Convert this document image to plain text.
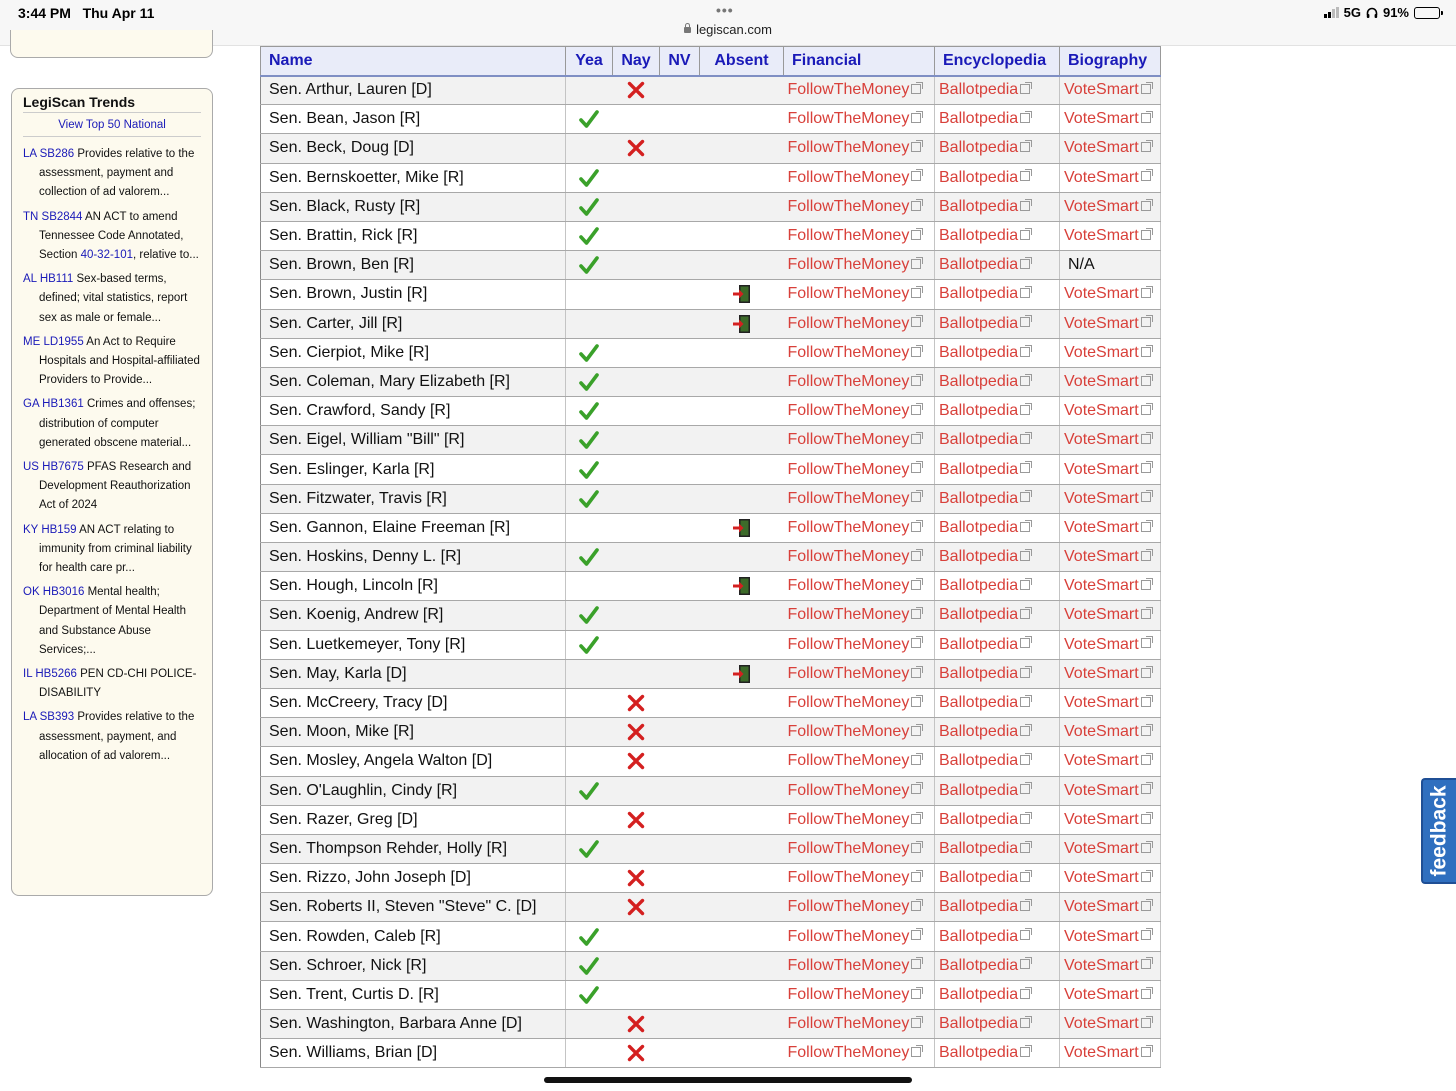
3:44 PM   Thu Apr 11	•••
legiscan.com
5G 91%
LegiScan Trends
View Top 50 National
LA SB286 Provides relative to the assessment, payment and collection of ad valorem...
TN SB2844 AN ACT to amend Tennessee Code Annotated, Section 40-32-101, relative to...
AL HB111 Sex-based terms, defined; vital statistics, report sex as male or female...
ME LD1955 An Act to Require Hospitals and Hospital-affiliated Providers to Provide...
GA HB1361 Crimes and offenses; distribution of computer generated obscene material...
US HB7675 PFAS Research and Development Reauthorization Act of 2024
KY HB159 AN ACT relating to immunity from criminal liability for health care pr...
OK HB3016 Mental health; Department of Mental Health and Substance Abuse Services;...
IL HB5266 PEN CD-CHI POLICE-DISABILITY
LA SB393 Provides relative to the assessment, payment, and allocation of ad valorem...
Name	Yea	Nay	NV	Absent	Financial	Encyclopedia	Biography
Sen. Arthur, Lauren [D]					FollowTheMoney	Ballotpedia	VoteSmart
Sen. Bean, Jason [R]					FollowTheMoney	Ballotpedia	VoteSmart
Sen. Beck, Doug [D]					FollowTheMoney	Ballotpedia	VoteSmart
Sen. Bernskoetter, Mike [R]					FollowTheMoney	Ballotpedia	VoteSmart
Sen. Black, Rusty [R]					FollowTheMoney	Ballotpedia	VoteSmart
Sen. Brattin, Rick [R]					FollowTheMoney	Ballotpedia	VoteSmart
Sen. Brown, Ben [R]					FollowTheMoney	Ballotpedia	N/A
Sen. Brown, Justin [R]					FollowTheMoney	Ballotpedia	VoteSmart
Sen. Carter, Jill [R]					FollowTheMoney	Ballotpedia	VoteSmart
Sen. Cierpiot, Mike [R]					FollowTheMoney	Ballotpedia	VoteSmart
Sen. Coleman, Mary Elizabeth [R]					FollowTheMoney	Ballotpedia	VoteSmart
Sen. Crawford, Sandy [R]					FollowTheMoney	Ballotpedia	VoteSmart
Sen. Eigel, William "Bill" [R]					FollowTheMoney	Ballotpedia	VoteSmart
Sen. Eslinger, Karla [R]					FollowTheMoney	Ballotpedia	VoteSmart
Sen. Fitzwater, Travis [R]					FollowTheMoney	Ballotpedia	VoteSmart
Sen. Gannon, Elaine Freeman [R]					FollowTheMoney	Ballotpedia	VoteSmart
Sen. Hoskins, Denny L. [R]					FollowTheMoney	Ballotpedia	VoteSmart
Sen. Hough, Lincoln [R]					FollowTheMoney	Ballotpedia	VoteSmart
Sen. Koenig, Andrew [R]					FollowTheMoney	Ballotpedia	VoteSmart
Sen. Luetkemeyer, Tony [R]					FollowTheMoney	Ballotpedia	VoteSmart
Sen. May, Karla [D]					FollowTheMoney	Ballotpedia	VoteSmart
Sen. McCreery, Tracy [D]					FollowTheMoney	Ballotpedia	VoteSmart
Sen. Moon, Mike [R]					FollowTheMoney	Ballotpedia	VoteSmart
Sen. Mosley, Angela Walton [D]					FollowTheMoney	Ballotpedia	VoteSmart
Sen. O'Laughlin, Cindy [R]					FollowTheMoney	Ballotpedia	VoteSmart
Sen. Razer, Greg [D]					FollowTheMoney	Ballotpedia	VoteSmart
Sen. Thompson Rehder, Holly [R]					FollowTheMoney	Ballotpedia	VoteSmart
Sen. Rizzo, John Joseph [D]					FollowTheMoney	Ballotpedia	VoteSmart
Sen. Roberts II, Steven "Steve" C. [D]					FollowTheMoney	Ballotpedia	VoteSmart
Sen. Rowden, Caleb [R]					FollowTheMoney	Ballotpedia	VoteSmart
Sen. Schroer, Nick [R]					FollowTheMoney	Ballotpedia	VoteSmart
Sen. Trent, Curtis D. [R]					FollowTheMoney	Ballotpedia	VoteSmart
Sen. Washington, Barbara Anne [D]					FollowTheMoney	Ballotpedia	VoteSmart
Sen. Williams, Brian [D]					FollowTheMoney	Ballotpedia	VoteSmart
feedback
